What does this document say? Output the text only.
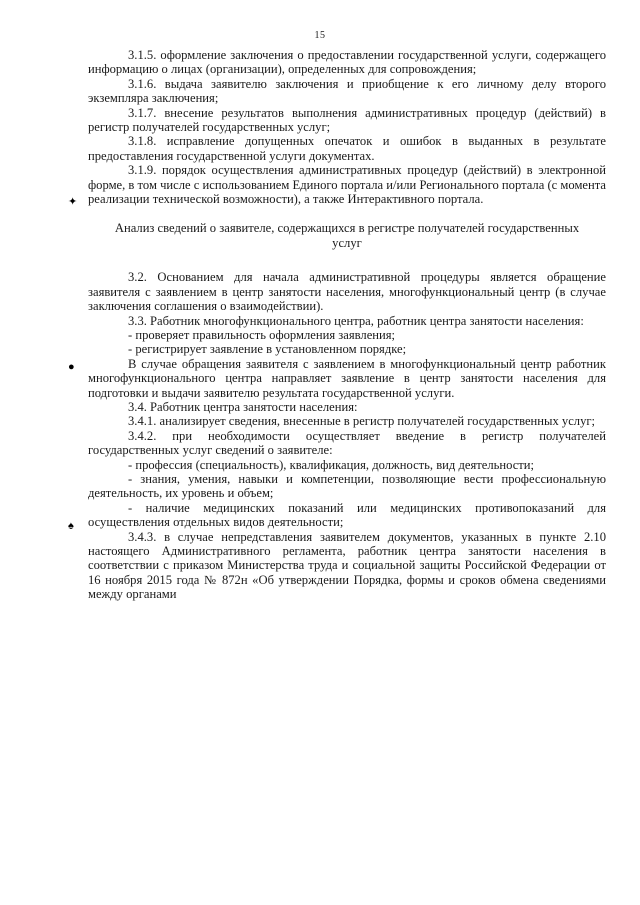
15
✦
●
♠

3.1.5. оформление заключения о предоставлении государственной услуги, содержащего информацию о лицах (организации), определенных для сопровождения;

3.1.6. выдача заявителю заключения и приобщение к его личному делу второго экземпляра заключения;

3.1.7. внесение результатов выполнения административных процедур (действий) в регистр получателей государственных услуг;

3.1.8. исправление допущенных опечаток и ошибок в выданных в результате предоставления государственной услуги документах.

3.1.9. порядок осуществления административных процедур (действий) в электронной форме, в том числе с использованием Единого портала и/или Регионального портала (с момента реализации технической возможности), а также Интерактивного портала.

Анализ сведений о заявителе, содержащихся в регистре получателей государственных услуг

3.2. Основанием для начала административной процедуры является обращение заявителя с заявлением в центр занятости населения, многофункциональный центр (в случае заключения соглашения о взаимодействии).

3.3. Работник многофункционального центра, работник центра занятости населения:

- проверяет правильность оформления заявления;

- регистрирует заявление в установленном порядке;

В случае обращения заявителя с заявлением в многофункциональный центр работник многофункционального центра направляет заявление в центр занятости населения для подготовки и выдачи заявителю результата государственной услуги.

3.4. Работник центра занятости населения:

3.4.1. анализирует сведения, внесенные в регистр получателей государственных услуг;

3.4.2. при необходимости осуществляет введение в регистр получателей государственных услуг сведений о заявителе:

- профессия (специальность), квалификация, должность, вид деятельности;

- знания, умения, навыки и компетенции, позволяющие вести профессиональную деятельность, их уровень и объем;

- наличие медицинских показаний или медицинских противопоказаний для осуществления отдельных видов деятельности;

3.4.3. в случае непредставления заявителем документов, указанных в пункте 2.10 настоящего Административного регламента, работник центра занятости населения в соответствии с приказом Министерства труда и социальной защиты Российской Федерации от 16 ноября 2015 года № 872н «Об утверждении Порядка, формы и сроков обмена сведениями между органами
